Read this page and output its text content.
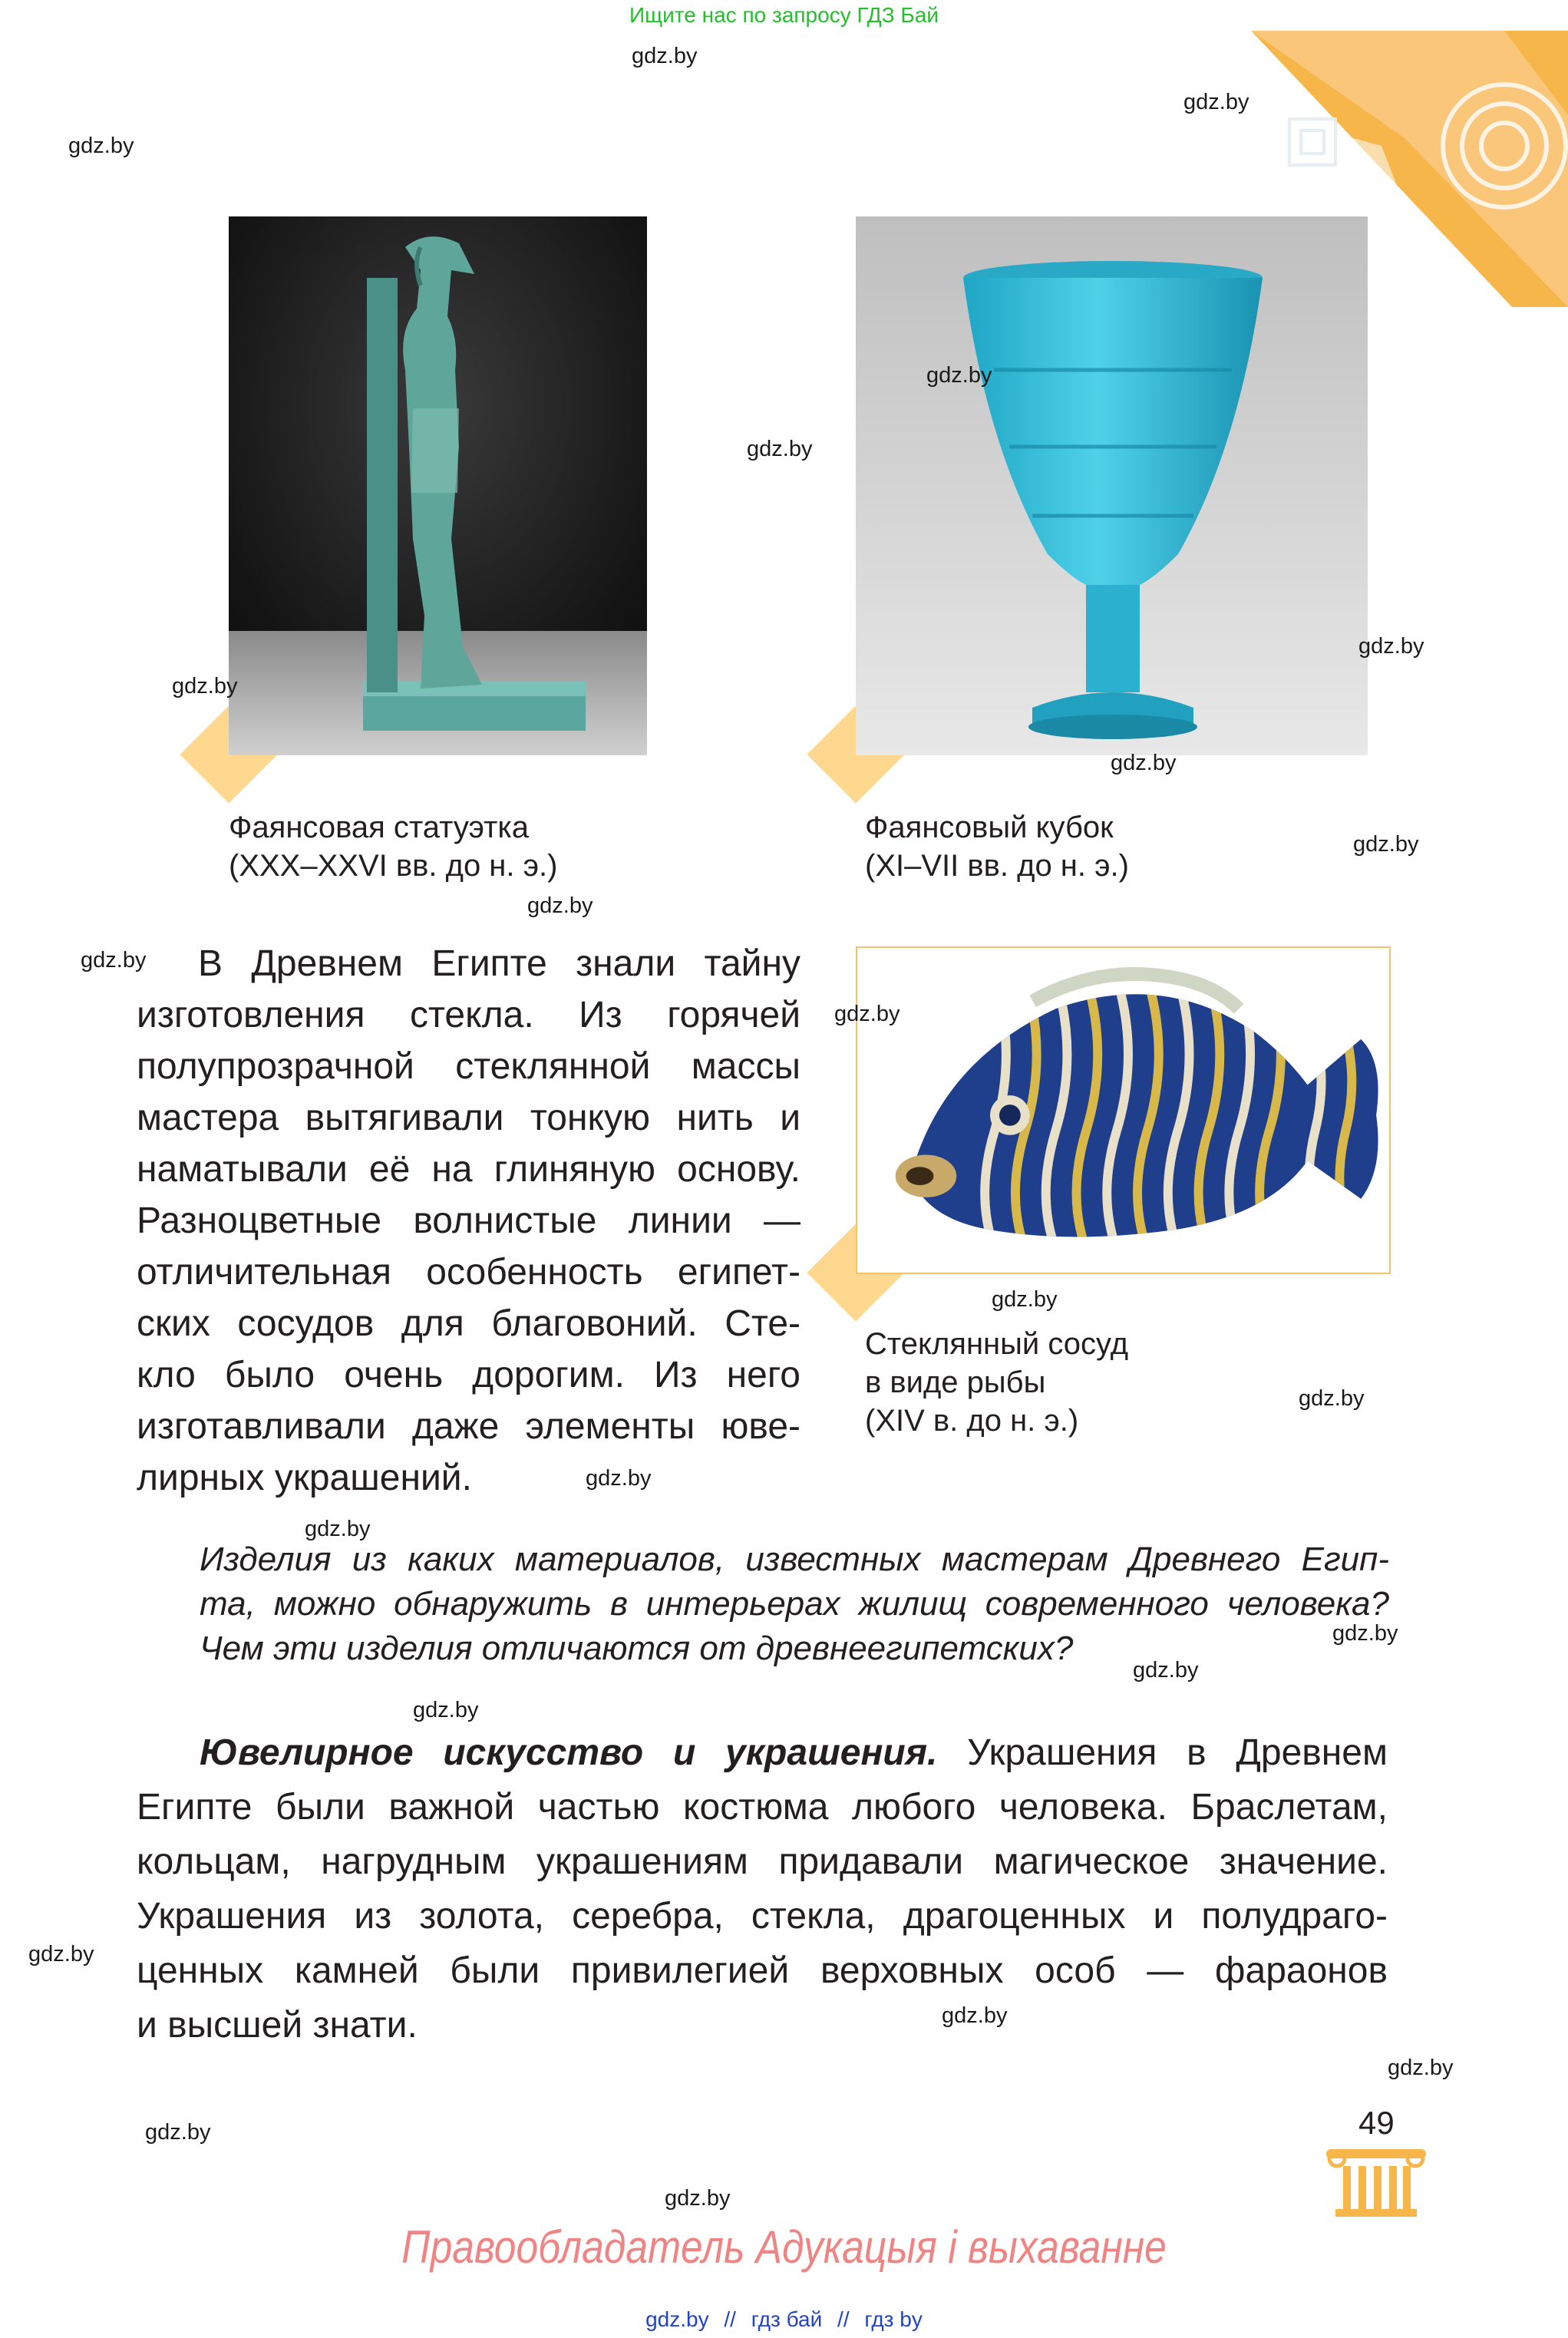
Ищите нас по запросу ГДЗ Бай
Фаянсовая статуэтка
(XXX–XXVI вв. до н. э.)
Фаянсовый кубок
(XI–VII вв. до н. э.)
В Древнем Египте знали тайну
изготовления стекла. Из горячей
полупрозрачной стеклянной массы
мастера вытягивали тонкую нить и
наматывали её на глиняную основу.
Разноцветные волнистые линии —
отличительная особенность египет-
ских сосудов для благовоний. Сте-
кло было очень дорогим. Из него
изготавливали даже элементы юве-
лирных украшений.
Стеклянный сосуд
в виде рыбы
(XIV в. до н. э.)
Изделия из каких материалов, известных мастерам Древнего Егип-
та, можно обнаружить в интерьерах жилищ современного человека?
Чем эти изделия отличаются от древнеегипетских?
Ювелирное искусство и украшения. Украшения в Древнем
Египте были важной частью костюма любого человека. Браслетам,
кольцам, нагрудным украшениям придавали магическое значение.
Украшения из золота, серебра, стекла, драгоценных и полудраго-
ценных камней были привилегией верховных особ — фараонов
и высшей знати.
49
Правообладатель Адукацыя і выхаванне
gdz.by // гдз бай // гдз by
gdz.by
gdz.by
gdz.by
gdz.by
gdz.by
gdz.by
gdz.by
gdz.by
gdz.by
gdz.by
gdz.by
gdz.by
gdz.by
gdz.by
gdz.by
gdz.by
gdz.by
gdz.by
gdz.by
gdz.by
gdz.by
gdz.by
gdz.by
gdz.by
